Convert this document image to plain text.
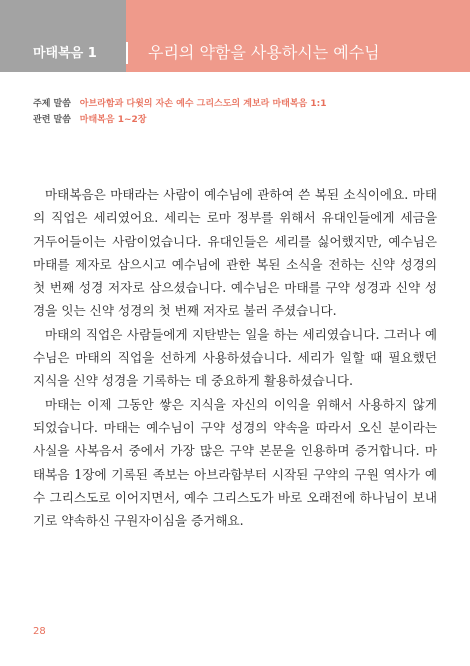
마태복음 1	우리의 약함을 사용하시는 예수님
주제 말씀 아브라함과 다윗의 자손 예수 그리스도의 계보라 마태복음 1:1
관련 말씀 마태복음 1~2장

마태복음은 마태라는 사람이 예수님에 관하여 쓴 복된 소식이에요. 마태의 직업은 세리였어요. 세리는 로마 정부를 위해서 유대인들에게 세금을 거두어들이는 사람이었습니다. 유대인들은 세리를 싫어했지만, 예수님은 마태를 제자로 삼으시고 예수님에 관한 복된 소식을 전하는 신약 성경의 첫 번째 성경 저자로 삼으셨습니다. 예수님은 마태를 구약 성경과 신약 성경을 잇는 신약 성경의 첫 번째 저자로 불러 주셨습니다.

마태의 직업은 사람들에게 지탄받는 일을 하는 세리였습니다. 그러나 예수님은 마태의 직업을 선하게 사용하셨습니다. 세리가 일할 때 필요했던 지식을 신약 성경을 기록하는 데 중요하게 활용하셨습니다.

마태는 이제 그동안 쌓은 지식을 자신의 이익을 위해서 사용하지 않게 되었습니다. 마태는 예수님이 구약 성경의 약속을 따라서 오신 분이라는 사실을 사복음서 중에서 가장 많은 구약 본문을 인용하며 증거합니다. 마태복음 1장에 기록된 족보는 아브라함부터 시작된 구약의 구원 역사가 예수 그리스도로 이어지면서, 예수 그리스도가 바로 오래전에 하나님이 보내기로 약속하신 구원자이심을 증거해요.

28
